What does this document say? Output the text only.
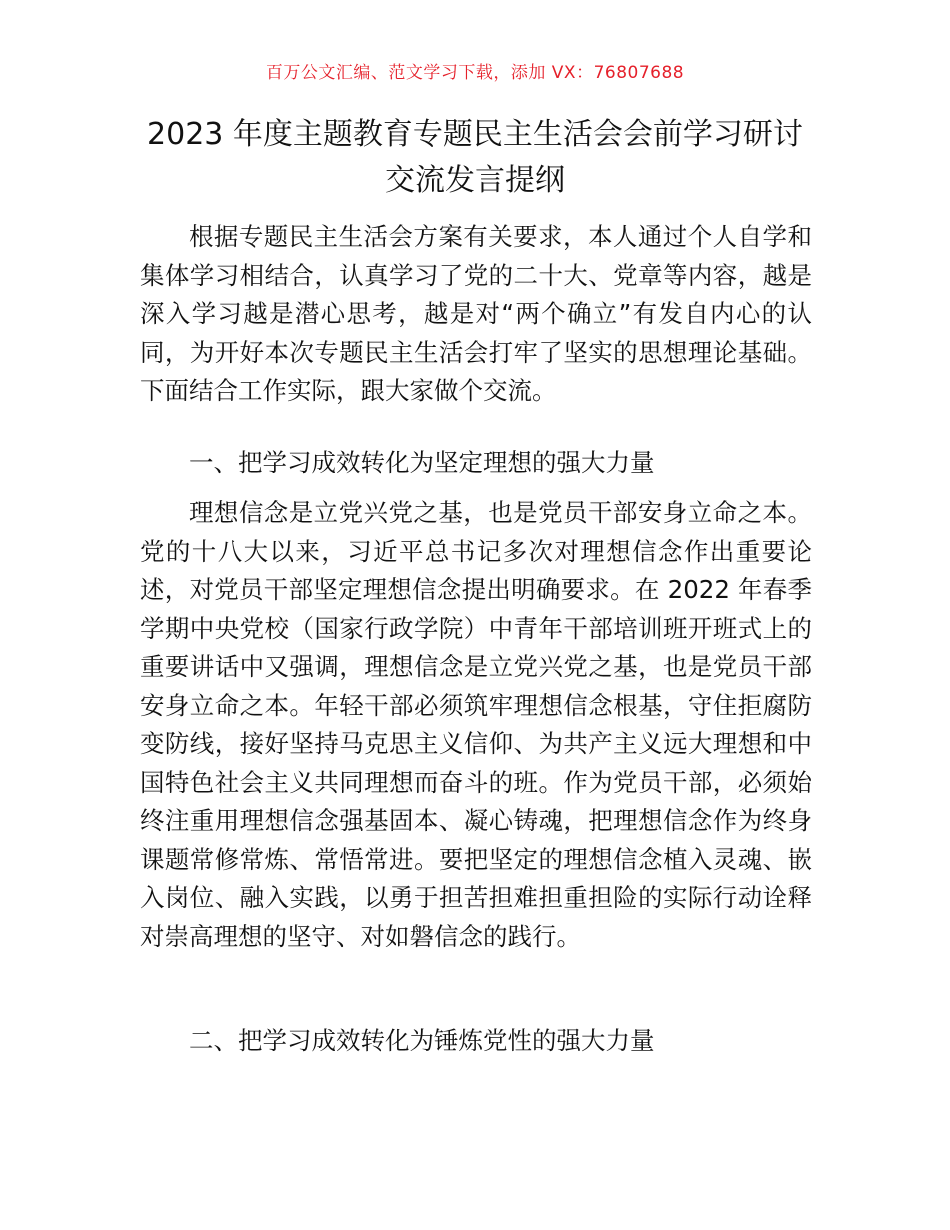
百万公文汇编、范文学习下载，添加 VX：76807688
2023 年度主题教育专题民主生活会会前学习研讨交流发言提纲

根据专题民主生活会方案有关要求，本人通过个人自学和集体学习相结合，认真学习了党的二十大、党章等内容，越是深入学习越是潜心思考，越是对“两个确立”有发自内心的认同，为开好本次专题民主生活会打牢了坚实的思想理论基础。下面结合工作实际，跟大家做个交流。

一、把学习成效转化为坚定理想的强大力量

理想信念是立党兴党之基，也是党员干部安身立命之本。党的十八大以来，习近平总书记多次对理想信念作出重要论述，对党员干部坚定理想信念提出明确要求。在 2022 年春季学期中央党校（国家行政学院）中青年干部培训班开班式上的重要讲话中又强调，理想信念是立党兴党之基，也是党员干部安身立命之本。年轻干部必须筑牢理想信念根基，守住拒腐防变防线，接好坚持马克思主义信仰、为共产主义远大理想和中国特色社会主义共同理想而奋斗的班。作为党员干部，必须始终注重用理想信念强基固本、凝心铸魂，把理想信念作为终身课题常修常炼、常悟常进。要把坚定的理想信念植入灵魂、嵌入岗位、融入实践，以勇于担苦担难担重担险的实际行动诠释对崇高理想的坚守、对如磐信念的践行。

二、把学习成效转化为锤炼党性的强大力量
